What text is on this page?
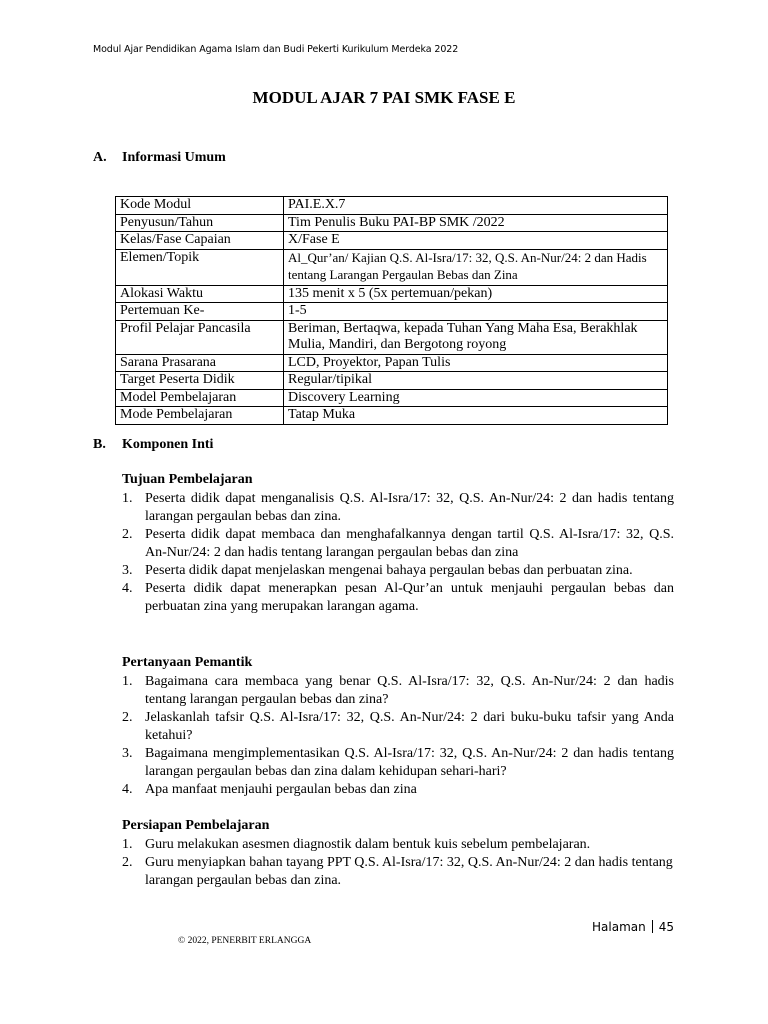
Modul Ajar Pendidikan Agama Islam dan Budi Pekerti Kurikulum Merdeka 2022
MODUL AJAR 7 PAI SMK FASE E
A. Informasi Umum
Kode Modul	PAI.E.X.7
Penyusun/Tahun	Tim Penulis Buku PAI-BP SMK /2022
Kelas/Fase Capaian	X/Fase E
Elemen/Topik	Al_Qur’an/ Kajian Q.S. Al-Isra/17: 32, Q.S. An-Nur/24: 2 dan Hadis tentang Larangan Pergaulan Bebas dan Zina
Alokasi Waktu	135 menit x 5 (5x pertemuan/pekan)
Pertemuan Ke-	1-5
Profil Pelajar Pancasila	Beriman, Bertaqwa, kepada Tuhan Yang Maha Esa, Berakhlak Mulia, Mandiri, dan Bergotong royong
Sarana Prasarana	LCD, Proyektor, Papan Tulis
Target Peserta Didik	Regular/tipikal
Model Pembelajaran	Discovery Learning
Mode Pembelajaran	Tatap Muka
B. Komponen Inti
Tujuan Pembelajaran
1. Peserta didik dapat menganalisis Q.S. Al-Isra/17: 32, Q.S. An-Nur/24: 2 dan hadis tentang larangan pergaulan bebas dan zina.
2. Peserta didik dapat membaca dan menghafalkannya dengan tartil Q.S. Al-Isra/17: 32, Q.S. An-Nur/24: 2 dan hadis tentang larangan pergaulan bebas dan zina
3. Peserta didik dapat menjelaskan mengenai bahaya pergaulan bebas dan perbuatan zina.
4. Peserta didik dapat menerapkan pesan Al-Qur’an untuk menjauhi pergaulan bebas dan perbuatan zina yang merupakan larangan agama.
Pertanyaan Pemantik
1. Bagaimana cara membaca yang benar Q.S. Al-Isra/17: 32, Q.S. An-Nur/24: 2 dan hadis tentang larangan pergaulan bebas dan zina?
2. Jelaskanlah tafsir Q.S. Al-Isra/17: 32, Q.S. An-Nur/24: 2 dari buku-buku tafsir yang Anda ketahui?
3. Bagaimana mengimplementasikan Q.S. Al-Isra/17: 32, Q.S. An-Nur/24: 2 dan hadis tentang larangan pergaulan bebas dan zina dalam kehidupan sehari-hari?
4. Apa manfaat menjauhi pergaulan bebas dan zina
Persiapan Pembelajaran
1. Guru melakukan asesmen diagnostik dalam bentuk kuis sebelum pembelajaran.
2. Guru menyiapkan bahan tayang PPT Q.S. Al-Isra/17: 32, Q.S. An-Nur/24: 2 dan hadis tentang larangan pergaulan bebas dan zina.
Halaman 45
© 2022, PENERBIT ERLANGGA
